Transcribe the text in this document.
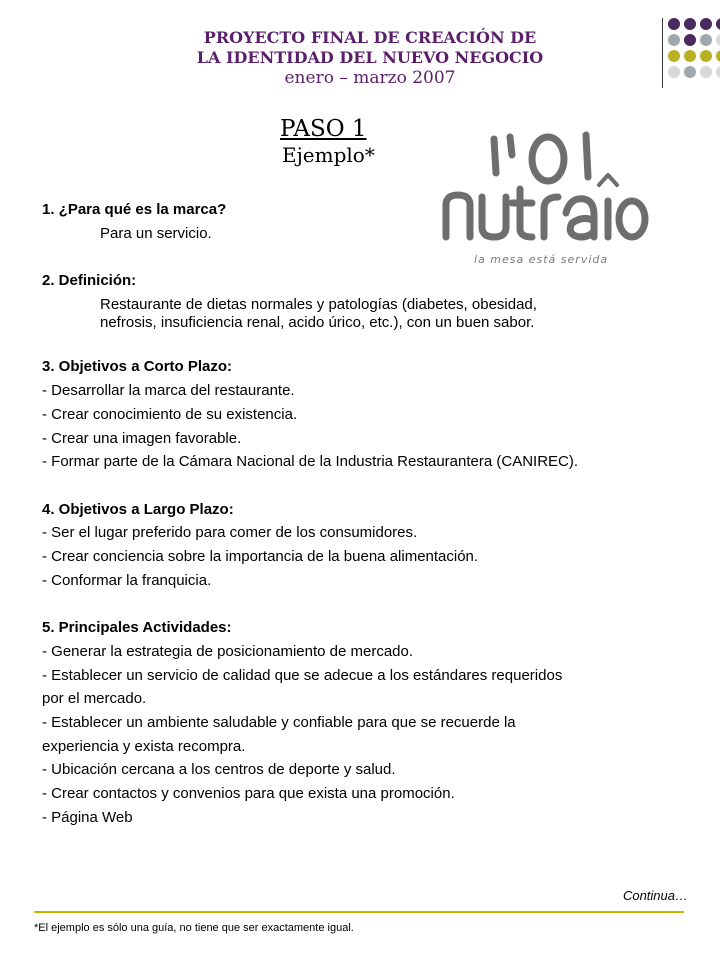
PROYECTO FINAL DE CREACIÓN DE
LA IDENTIDAD DEL NUEVO NEGOCIO
enero – marzo 2007
PASO 1
Ejemplo*
la mesa está servida
1. ¿Para qué es la marca?
Para un servicio.
2. Definición:
Restaurante de dietas normales y patologías (diabetes, obesidad,
nefrosis, insuficiencia renal, acido úrico, etc.), con un buen sabor.
3. Objetivos a Corto Plazo:
- Desarrollar la marca del restaurante.
- Crear conocimiento de su existencia.
- Crear una imagen favorable.
- Formar parte de la Cámara Nacional de la Industria Restaurantera (CANIREC).
4. Objetivos a Largo Plazo:
- Ser el lugar preferido para comer de los consumidores.
- Crear conciencia sobre la importancia de la buena alimentación.
- Conformar la franquicia.
5. Principales Actividades:
- Generar la estrategia de posicionamiento de mercado.
- Establecer un servicio de calidad que se adecue a los estándares requeridos
por el mercado.
- Establecer un ambiente saludable y confiable para que se recuerde la
experiencia y exista recompra.
- Ubicación cercana a los centros de deporte y salud.
- Crear contactos y convenios para que exista una promoción.
- Página Web
Continua…
*El ejemplo es sólo una guía, no tiene que ser exactamente igual.
